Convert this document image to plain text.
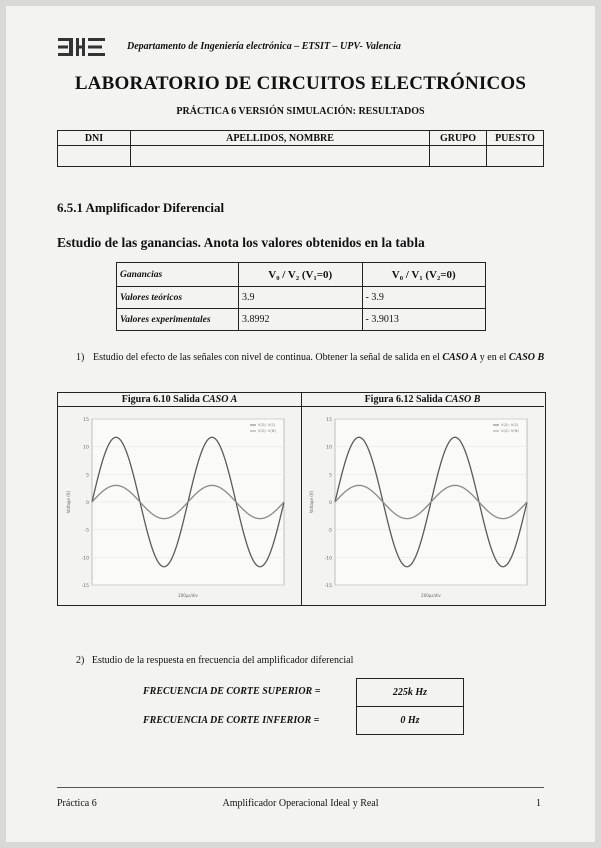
Departamento de Ingeniería electrónica – ETSIT – UPV- Valencia
LABORATORIO DE CIRCUITOS ELECTRÓNICOS
PRÁCTICA 6 VERSIÓN SIMULACIÓN: RESULTADOS
DNI	APELLIDOS, NOMBRE	GRUPO	PUESTO

6.5.1 Amplificador Diferencial
Estudio de las ganancias. Anota los valores obtenidos en la tabla
Ganancias	V₀ / V₂ (V₁=0)	V₀ / V₁ (V₂=0)
Valores teóricos	3.9	- 3.9
Valores experimentales	3.8992	- 3.9013
1) Estudio del efecto de las señales con nivel de continua. Obtener la señal de salida en el CASO A y en el CASO B
Figura 6.10 Salida CASO A
15
10
5
0
-5
-10
-15
Voltage (V)
200µs/div
V(2): V(1)
V(2): V(N)
Figura 6.12 Salida CASO B
15
10
5
0
-5
-10
-15
Voltage (V)
200µs/div
V(2): V(1)
V(2): V(N)
2) Estudio de la respuesta en frecuencia del amplificador diferencial
FRECUENCIA DE CORTE SUPERIOR =	225k Hz
FRECUENCIA DE CORTE INFERIOR =	0 Hz
Práctica 6	Amplificador Operacional Ideal y Real	1
